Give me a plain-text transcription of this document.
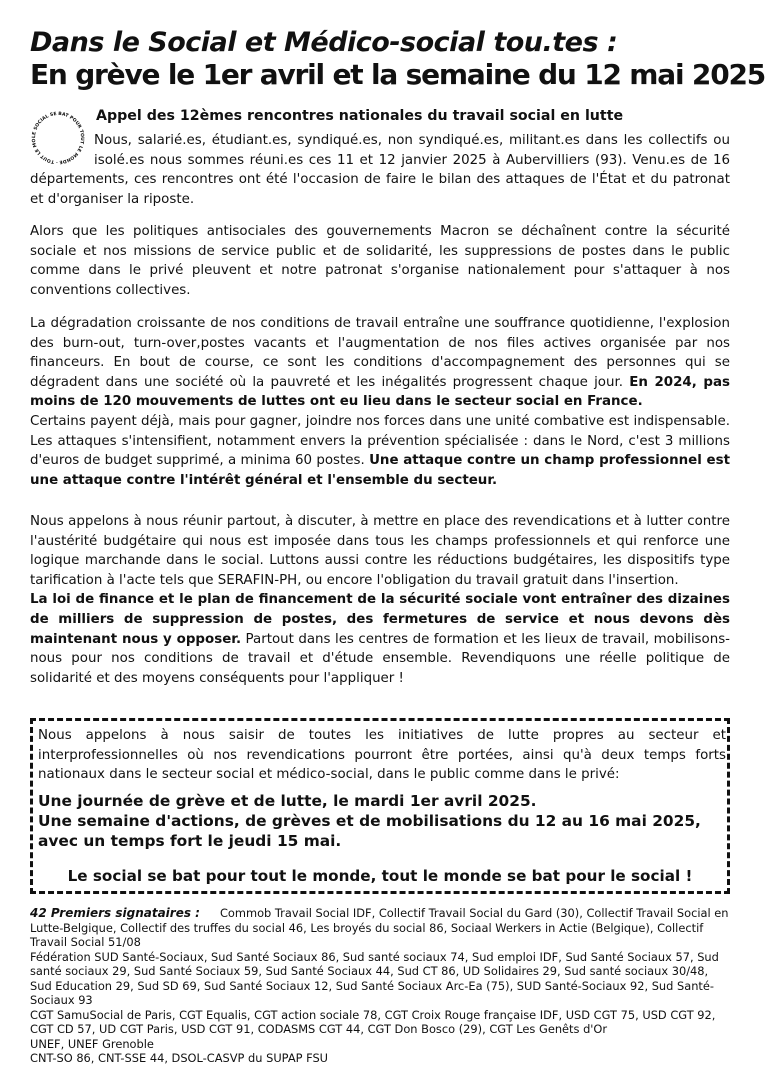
Dans le Social et Médico-social tou.tes :
En grève le 1er avril et la semaine du 12 mai 2025
LE SOCIAL SE BAT POUR TOUT LE MONDE · TOUT LE MO
Appel des 12èmes rencontres nationales du travail social en lutte

Nous, salarié.es, étudiant.es, syndiqué.es, non syndiqué.es, militant.es dans les collectifs ou isolé.es nous sommes réuni.es ces 11 et 12 janvier 2025 à Aubervilliers (93). Venu.es de 16 départements, ces rencontres ont été l'occasion de faire le bilan des attaques de l'État et du patronat et d'organiser la riposte.

Alors que les politiques antisociales des gouvernements Macron se déchaînent contre la sécurité sociale et nos missions de service public et de solidarité, les suppressions de postes dans le public comme dans le privé pleuvent et notre patronat s'organise nationalement pour s'attaquer à nos conventions collectives.

La dégradation croissante de nos conditions de travail entraîne une souffrance quotidienne, l'explosion des burn-out, turn-over,postes vacants et l'augmentation de nos files actives organisée par nos financeurs. En bout de course, ce sont les conditions d'accompagnement des personnes qui se dégradent dans une société où la pauvreté et les inégalités progressent chaque jour. En 2024, pas moins de 120 mouvements de luttes ont eu lieu dans le secteur social en France.
Certains payent déjà, mais pour gagner, joindre nos forces dans une unité combative est indispensable. Les attaques s'intensifient, notamment envers la prévention spécialisée : dans le Nord, c'est 3 millions d'euros de budget supprimé, a minima 60 postes. Une attaque contre un champ professionnel est une attaque contre l'intérêt général et l'ensemble du secteur.

Nous appelons à nous réunir partout, à discuter, à mettre en place des revendications et à lutter contre l'austérité budgétaire qui nous est imposée dans tous les champs professionnels et qui renforce une logique marchande dans le social. Luttons aussi contre les réductions budgétaires, les dispositifs type tarification à l'acte tels que SERAFIN-PH, ou encore l'obligation du travail gratuit dans l'insertion.
La loi de finance et le plan de financement de la sécurité sociale vont entraîner des dizaines de milliers de suppression de postes, des fermetures de service et nous devons dès maintenant nous y opposer. Partout dans les centres de formation et les lieux de travail, mobilisons-nous pour nos conditions de travail et d'étude ensemble. Revendiquons une réelle politique de solidarité et des moyens conséquents pour l'appliquer !

Nous appelons à nous saisir de toutes les initiatives de lutte propres au secteur et interprofessionnelles où nos revendications pourront être portées, ainsi qu'à deux temps forts nationaux dans le secteur social et médico-social, dans le public comme dans le privé:

Une journée de grève et de lutte, le mardi 1er avril 2025.
Une semaine d'actions, de grèves et de mobilisations du 12 au 16 mai 2025, avec un temps fort le jeudi 15 mai.
Le social se bat pour tout le monde, tout le monde se bat pour le social !

42 Premiers signataires : Commob Travail Social IDF, Collectif Travail Social du Gard (30), Collectif Travail Social en Lutte-Belgique, Collectif des truffes du social 46, Les broyés du social 86, Sociaal Werkers in Actie (Belgique), Collectif Travail Social 51/08

Fédération SUD Santé-Sociaux, Sud Santé Sociaux 86, Sud santé sociaux 74, Sud emploi IDF, Sud Santé Sociaux 57, Sud santé sociaux 29, Sud Santé Sociaux 59, Sud Santé Sociaux 44, Sud CT 86, UD Solidaires 29, Sud santé sociaux 30/48, Sud Education 29, Sud SD 69, Sud Santé Sociaux 12, Sud Santé Sociaux Arc-Ea (75), SUD Santé-Sociaux 92, Sud Santé-Sociaux 93

CGT SamuSocial de Paris, CGT Equalis, CGT action sociale 78, CGT Croix Rouge française IDF, USD CGT 75, USD CGT 92, CGT CD 57, UD CGT Paris, USD CGT 91, CODASMS CGT 44, CGT Don Bosco (29), CGT Les Genêts d'Or

UNEF, UNEF Grenoble

CNT-SO 86, CNT-SSE 44, DSOL-CASVP du SUPAP FSU
